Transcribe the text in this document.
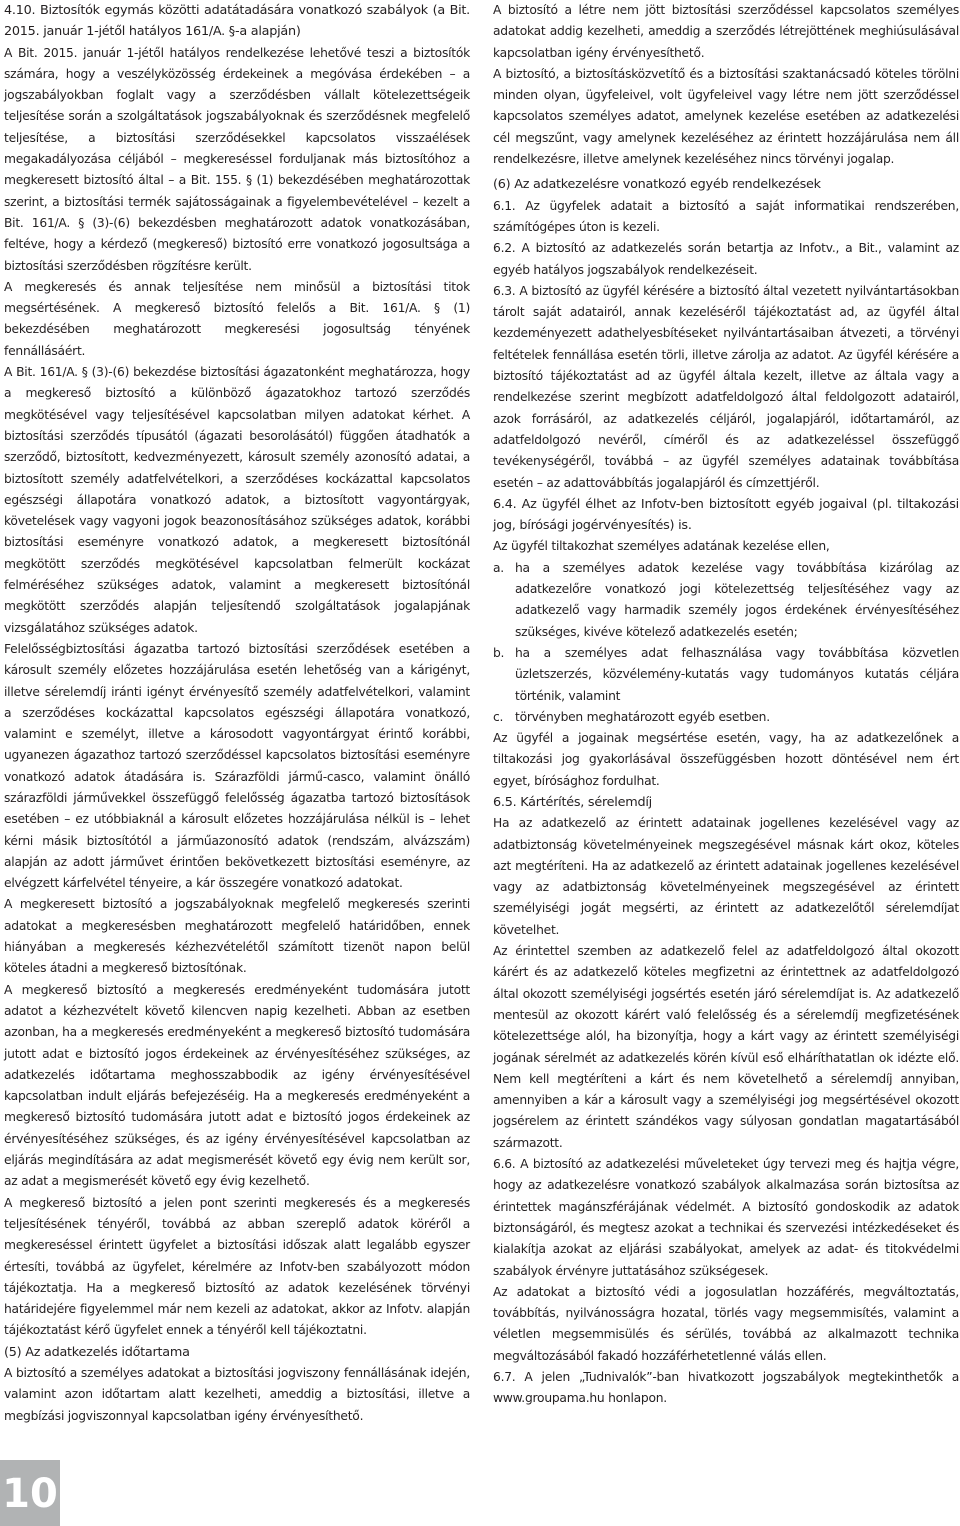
4.10. Biztosítók egymás közötti adatátadására vonatkozó szabályok (a Bit. 2015. január 1-jétől hatályos 161/A. §-a alapján)

A Bit. 2015. január 1-jétől hatályos rendelkezése lehetővé teszi a biztosítók számára, hogy a veszélyközösség érdekeinek a megóvása érdekében – a jogszabályokban foglalt vagy a szerződésben vállalt kötelezettségeik teljesítése során a szolgáltatások jogszabályoknak és szerződésnek megfelelő teljesítése, a biztosítási szerződésekkel kapcsolatos visszaélések megakadályozása céljából – megkereséssel forduljanak más biztosítóhoz a megkeresett biztosító által – a Bit. 155. § (1) bekezdésében meghatározottak szerint, a biztosítási termék sajátosságainak a figyelembevételével – kezelt a Bit. 161/A. § (3)-(6) bekezdésben meghatározott adatok vonatkozásában, feltéve, hogy a kérdező (megkereső) biztosító erre vonatkozó jogosultsága a biztosítási szerződésben rögzítésre került.

A megkeresés és annak teljesítése nem minősül a biztosítási titok megsértésének. A megkereső biztosító felelős a Bit. 161/A. § (1) bekezdésében meghatározott megkeresési jogosultság tényének fennállásáért.

A Bit. 161/A. § (3)-(6) bekezdése biztosítási ágazatonként meghatározza, hogy a megkereső biztosító a különböző ágazatokhoz tartozó szerződés megkötésével vagy teljesítésével kapcsolatban milyen adatokat kérhet. A biztosítási szerződés típusától (ágazati besorolásától) függően átadhatók a szerződő, biztosított, kedvezményezett, károsult személy azonosító adatai, a biztosított személy adatfelvételkori, a szerződéses kockázattal kapcsolatos egészségi állapotára vonatkozó adatok, a biztosított vagyontárgyak, követelések vagy vagyoni jogok beazonosításához szükséges adatok, korábbi biztosítási eseményre vonatkozó adatok, a megkeresett biztosítónál megkötött szerződés megkötésével kapcsolatban felmerült kockázat felméréséhez szükséges adatok, valamint a megkeresett biztosítónál megkötött szerződés alapján teljesítendő szolgáltatások jogalapjának vizsgálatához szükséges adatok.

Felelősségbiztosítási ágazatba tartozó biztosítási szerződések esetében a károsult személy előzetes hozzájárulása esetén lehetőség van a kárigényt, illetve sérelemdíj iránti igényt érvényesítő személy adatfelvételkori, valamint a szerződéses kockázattal kapcsolatos egészségi állapotára vonatkozó, valamint e személyt, illetve a károsodott vagyontárgyat érintő korábbi, ugyanezen ágazathoz tartozó szerződéssel kapcsolatos biztosítási eseményre vonatkozó adatok átadására is. Szárazföldi jármű-casco, valamint önálló szárazföldi járművekkel összefüggő felelősség ágazatba tartozó biztosítások esetében – ez utóbbiaknál a károsult előzetes hozzájárulása nélkül is – lehet kérni másik biztosítótól a járműazonosító adatok (rendszám, alvázszám) alapján az adott járművet érintően bekövetkezett biztosítási eseményre, az elvégzett kárfelvétel tényeire, a kár összegére vonatkozó adatokat.

A megkeresett biztosító a jogszabályoknak megfelelő megkeresés szerinti adatokat a megkeresésben meghatározott megfelelő határidőben, ennek hiányában a megkeresés kézhezvételétől számított tizenöt napon belül köteles átadni a megkereső biztosítónak.

A megkereső biztosító a megkeresés eredményeként tudomására jutott adatot a kézhezvételt követő kilencven napig kezelheti. Abban az esetben azonban, ha a megkeresés eredményeként a megkereső biztosító tudomására jutott adat e biztosító jogos érdekeinek az érvényesítéséhez szükséges, az adatkezelés időtartama meghosszabbodik az igény érvényesítésével kapcsolatban indult eljárás befejezéséig. Ha a megkeresés eredményeként a megkereső biztosító tudomására jutott adat e biztosító jogos érdekeinek az érvényesítéséhez szükséges, és az igény érvényesítésével kapcsolatban az eljárás megindítására az adat megismerését követő egy évig nem került sor, az adat a megismerését követő egy évig kezelhető.

A megkereső biztosító a jelen pont szerinti megkeresés és a megkeresés teljesítésének tényéről, továbbá az abban szereplő adatok köréről a megkereséssel érintett ügyfelet a biztosítási időszak alatt legalább egyszer értesíti, továbbá az ügyfelet, kérelmére az Infotv-ben szabályozott módon tájékoztatja. Ha a megkereső biztosító az adatok kezelésének törvényi határidejére figyelemmel már nem kezeli az adatokat, akkor az Infotv. alapján tájékoztatást kérő ügyfelet ennek a tényéről kell tájékoztatni.

(5) Az adatkezelés időtartama

A biztosító a személyes adatokat a biztosítási jogviszony fennállásának idején, valamint azon időtartam alatt kezelheti, ameddig a biztosítási, illetve a megbízási jogviszonnyal kapcsolatban igény érvényesíthető.

A biztosító a létre nem jött biztosítási szerződéssel kapcsolatos személyes adatokat addig kezelheti, ameddig a szerződés létrejöttének meghiúsulásával kapcsolatban igény érvényesíthető.

A biztosító, a biztosításközvetítő és a biztosítási szaktanácsadó köteles törölni minden olyan, ügyfeleivel, volt ügyfeleivel vagy létre nem jött szerződéssel kapcsolatos személyes adatot, amelynek kezelése esetében az adatkezelési cél megszűnt, vagy amelynek kezeléséhez az érintett hozzájárulása nem áll rendelkezésre, illetve amelynek kezeléséhez nincs törvényi jogalap.

(6) Az adatkezelésre vonatkozó egyéb rendelkezések

6.1. Az ügyfelek adatait a biztosító a saját informatikai rendszerében, számítógépes úton is kezeli.

6.2. A biztosító az adatkezelés során betartja az Infotv., a Bit., valamint az egyéb hatályos jogszabályok rendelkezéseit.

6.3. A biztosító az ügyfél kérésére a biztosító által vezetett nyilvántartásokban tárolt saját adatairól, annak kezeléséről tájékoztatást ad, az ügyfél által kezdeményezett adathelyesbítéseket nyilvántartásaiban átvezeti, a törvényi feltételek fennállása esetén törli, illetve zárolja az adatot. Az ügyfél kérésére a biztosító tájékoztatást ad az ügyfél általa kezelt, illetve az általa vagy a rendelkezése szerint megbízott adatfeldolgozó által feldolgozott adatairól, azok forrásáról, az adatkezelés céljáról, jogalapjáról, időtartamáról, az adatfeldolgozó nevéről, címéről és az adatkezeléssel összefüggő tevékenységéről, továbbá – az ügyfél személyes adatainak továbbítása esetén – az adattovábbítás jogalapjáról és címzettjéről.

6.4. Az ügyfél élhet az Infotv-ben biztosított egyéb jogaival (pl. tiltakozási jog, bírósági jogérvényesítés) is.

Az ügyfél tiltakozhat személyes adatának kezelése ellen,

a. ha a személyes adatok kezelése vagy továbbítása kizárólag az adatkezelőre vonatkozó jogi kötelezettség teljesítéséhez vagy az adatkezelő vagy harmadik személy jogos érdekének érvényesítéséhez szükséges, kivéve kötelező adatkezelés esetén;
b. ha a személyes adat felhasználása vagy továbbítása közvetlen üzletszerzés, közvélemény-kutatás vagy tudományos kutatás céljára történik, valamint
c. törvényben meghatározott egyéb esetben.

Az ügyfél a jogainak megsértése esetén, vagy, ha az adatkezelőnek a tiltakozási jog gyakorlásával összefüggésben hozott döntésével nem ért egyet, bírósághoz fordulhat.

6.5. Kártérítés, sérelemdíj

Ha az adatkezelő az érintett adatainak jogellenes kezelésével vagy az adatbiztonság követelményeinek megszegésével másnak kárt okoz, köteles azt megtéríteni. Ha az adatkezelő az érintett adatainak jogellenes kezelésével vagy az adatbiztonság követelményeinek megszegésével az érintett személyiségi jogát megsérti, az érintett az adatkezelőtől sérelemdíjat követelhet.

Az érintettel szemben az adatkezelő felel az adatfeldolgozó által okozott kárért és az adatkezelő köteles megfizetni az érintettnek az adatfeldolgozó által okozott személyiségi jogsértés esetén járó sérelemdíjat is. Az adatkezelő mentesül az okozott kárért való felelősség és a sérelemdíj megfizetésének kötelezettsége alól, ha bizonyítja, hogy a kárt vagy az érintett személyiségi jogának sérelmét az adatkezelés körén kívül eső elháríthatatlan ok idézte elő. Nem kell megtéríteni a kárt és nem követelhető a sérelemdíj annyiban, amennyiben a kár a károsult vagy a személyiségi jog megsértésével okozott jogsérelem az érintett szándékos vagy súlyosan gondatlan magatartásából származott.

6.6. A biztosító az adatkezelési műveleteket úgy tervezi meg és hajtja végre, hogy az adatkezelésre vonatkozó szabályok alkalmazása során biztosítsa az érintettek magánszférájának védelmét. A biztosító gondoskodik az adatok biztonságáról, és megtesz azokat a technikai és szervezési intézkedéseket és kialakítja azokat az eljárási szabályokat, amelyek az adat- és titokvédelmi szabályok érvényre juttatásához szükségesek.

Az adatokat a biztosító védi a jogosulatlan hozzáférés, megváltoztatás, továbbítás, nyilvánosságra hozatal, törlés vagy megsemmisítés, valamint a véletlen megsemmisülés és sérülés, továbbá az alkalmazott technika megváltozásából fakadó hozzáférhetetlenné válás ellen.

6.7. A jelen „Tudnivalók”-ban hivatkozott jogszabályok megtekinthetők a www.groupama.hu honlapon.

10
